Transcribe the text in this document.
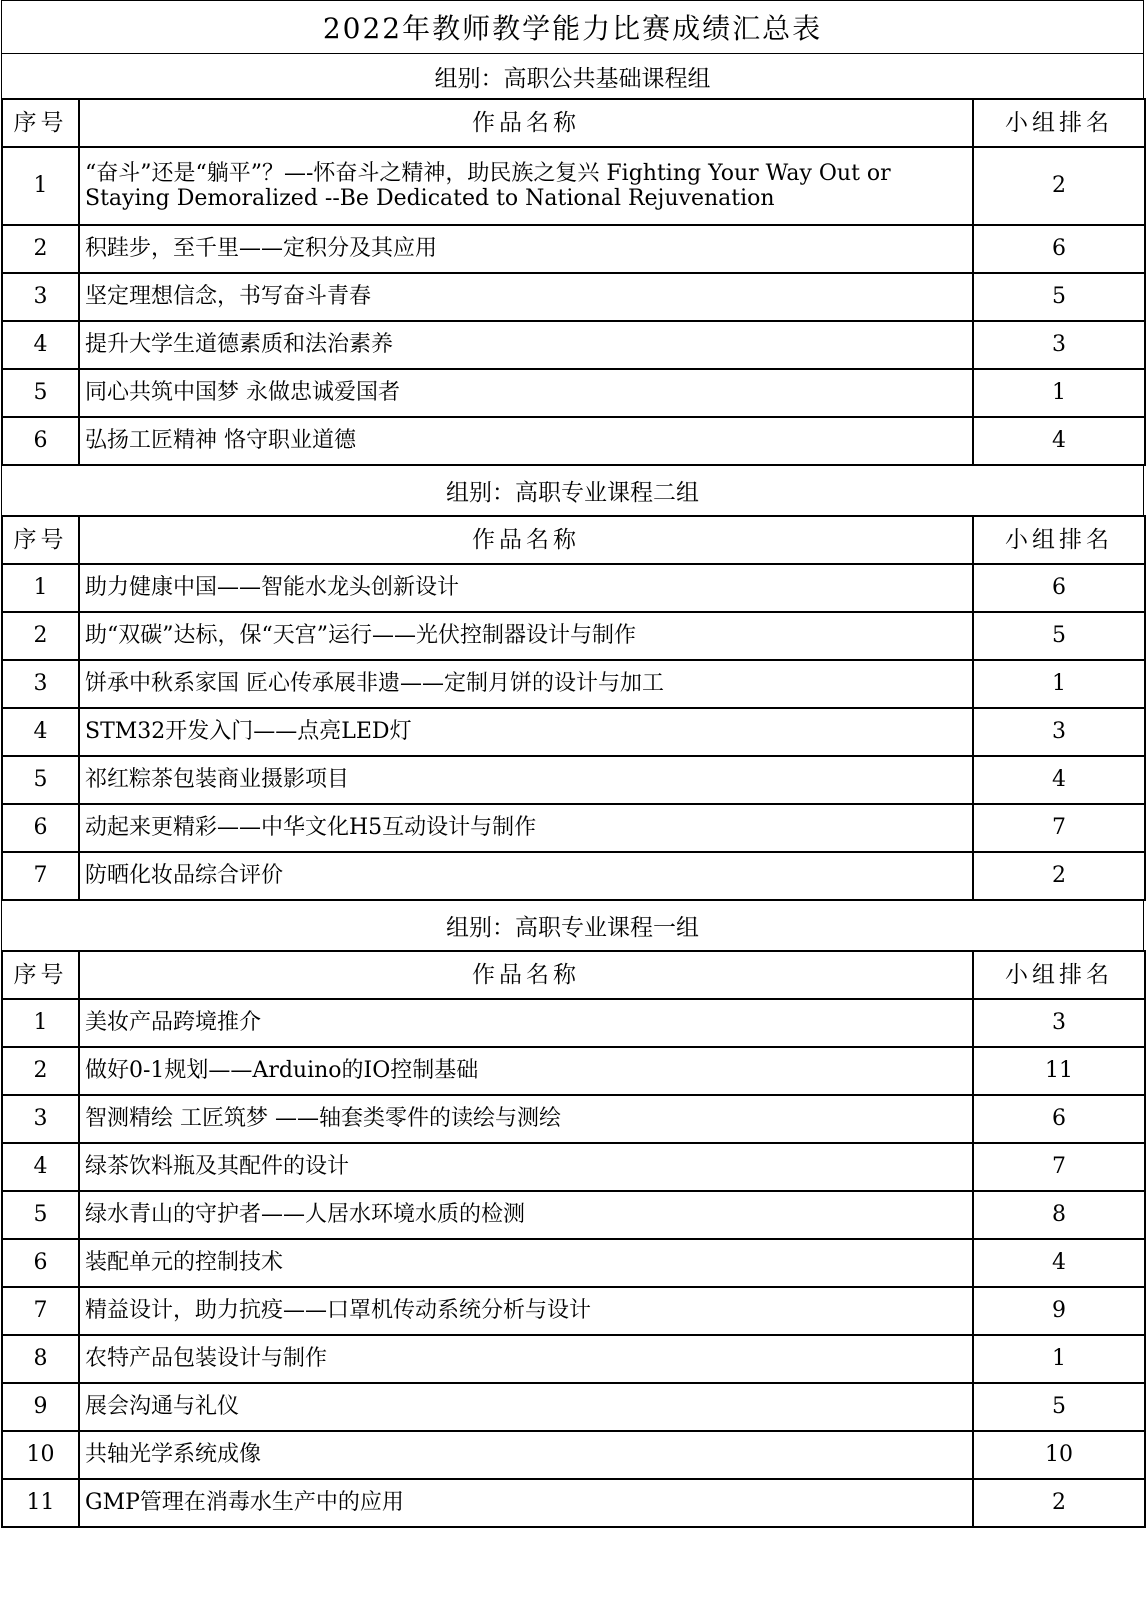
2022年教师教学能力比赛成绩汇总表
组别：高职公共基础课程组
序号	作品名称	小组排名
1	“奋斗”还是“躺平”？—-怀奋斗之精神，助民族之复兴 Fighting Your Way Out or Staying Demoralized --Be Dedicated to National Rejuvenation	2
2	积跬步，至千里——定积分及其应用	6
3	坚定理想信念，书写奋斗青春	5
4	提升大学生道德素质和法治素养	3
5	同心共筑中国梦 永做忠诚爱国者	1
6	弘扬工匠精神 恪守职业道德	4
组别：高职专业课程二组
序号	作品名称	小组排名
1	助力健康中国——智能水龙头创新设计	6
2	助“双碳”达标，保“天宫”运行——光伏控制器设计与制作	5
3	饼承中秋系家国 匠心传承展非遗——定制月饼的设计与加工	1
4	STM32开发入门——点亮LED灯	3
5	祁红粽茶包装商业摄影项目	4
6	动起来更精彩——中华文化H5互动设计与制作	7
7	防晒化妆品综合评价	2
组别：高职专业课程一组
序号	作品名称	小组排名
1	美妆产品跨境推介	3
2	做好0-1规划——Arduino的IO控制基础	11
3	智测精绘 工匠筑梦 ——轴套类零件的读绘与测绘	6
4	绿茶饮料瓶及其配件的设计	7
5	绿水青山的守护者——人居水环境水质的检测	8
6	装配单元的控制技术	4
7	精益设计，助力抗疫——口罩机传动系统分析与设计	9
8	农特产品包装设计与制作	1
9	展会沟通与礼仪	5
10	共轴光学系统成像	10
11	GMP管理在消毒水生产中的应用	2
